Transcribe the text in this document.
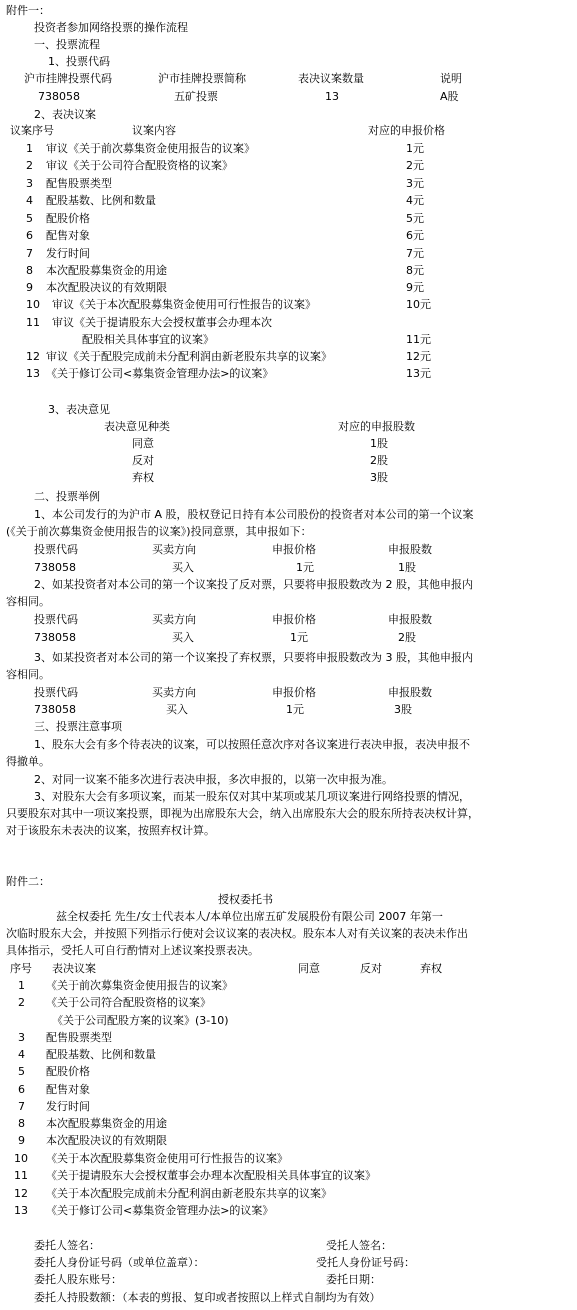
附件一：
投资者参加网络投票的操作流程
一、投票流程
1、投票代码
沪市挂牌投票代码	沪市挂牌投票简称	表决议案数量	说明
738058	五矿投票	13	A股
2、表决议案
议案序号	议案内容	对应的申报价格
1 审议《关于前次募集资金使用报告的议案》	1元
2 审议《关于公司符合配股资格的议案》	2元
3 配售股票类型	3元
4 配股基数、比例和数量	4元
5 配股价格	5元
6 配售对象	6元
7 发行时间	7元
8 本次配股募集资金的用途	8元
9 本次配股决议的有效期限	9元
10 审议《关于本次配股募集资金使用可行性报告的议案》	10元
11 审议《关于提请股东大会授权董事会办理本次
配股相关具体事宜的议案》	11元
12 审议《关于配股完成前未分配利润由新老股东共享的议案》	12元
13 《关于修订公司<募集资金管理办法>的议案》	13元
3、表决意见
表决意见种类	对应的申报股数
同意	1股
反对	2股
弃权	3股
二、投票举例
1、本公司发行的为沪市 A 股，股权登记日持有本公司股份的投资者对本公司的第一个议案
(《关于前次募集资金使用报告的议案》)投同意票，其申报如下：
投票代码	买卖方向	申报价格	申报股数
738058	买入	1元	1股
2、如某投资者对本公司的第一个议案投了反对票，只要将申报股数改为 2 股，其他申报内
容相同。
投票代码	买卖方向	申报价格	申报股数
738058	买入	1元	2股
3、如某投资者对本公司的第一个议案投了弃权票，只要将申报股数改为 3 股，其他申报内
容相同。
投票代码	买卖方向	申报价格	申报股数
738058	买入	1元	3股
三、投票注意事项
1、股东大会有多个待表决的议案，可以按照任意次序对各议案进行表决申报，表决申报不
得撤单。
2、对同一议案不能多次进行表决申报，多次申报的，以第一次申报为准。
3、对股东大会有多项议案，而某一股东仅对其中某项或某几项议案进行网络投票的情况，
只要股东对其中一项议案投票，即视为出席股东大会，纳入出席股东大会的股东所持表决权计算，
对于该股东未表决的议案，按照弃权计算。
附件二：
授权委托书
兹全权委托 先生/女士代表本人/本单位出席五矿发展股份有限公司 2007 年第一
次临时股东大会，并按照下列指示行使对会议议案的表决权。股东本人对有关议案的表决未作出
具体指示，受托人可自行酌情对上述议案投票表决。
序号 表决议案	同意	反对	弃权
1 《关于前次募集资金使用报告的议案》
2 《关于公司符合配股资格的议案》
《关于公司配股方案的议案》(3-10)
3 配售股票类型
4 配股基数、比例和数量
5 配股价格
6 配售对象
7 发行时间
8 本次配股募集资金的用途
9 本次配股决议的有效期限
10 《关于本次配股募集资金使用可行性报告的议案》
11 《关于提请股东大会授权董事会办理本次配股相关具体事宜的议案》
12 《关于本次配股完成前未分配利润由新老股东共享的议案》
13 《关于修订公司<募集资金管理办法>的议案》
委托人签名：	受托人签名：
委托人身份证号码（或单位盖章）：	受托人身份证号码：
委托人股东账号：	委托日期：
委托人持股数额：（本表的剪报、复印或者按照以上样式自制均为有效）
